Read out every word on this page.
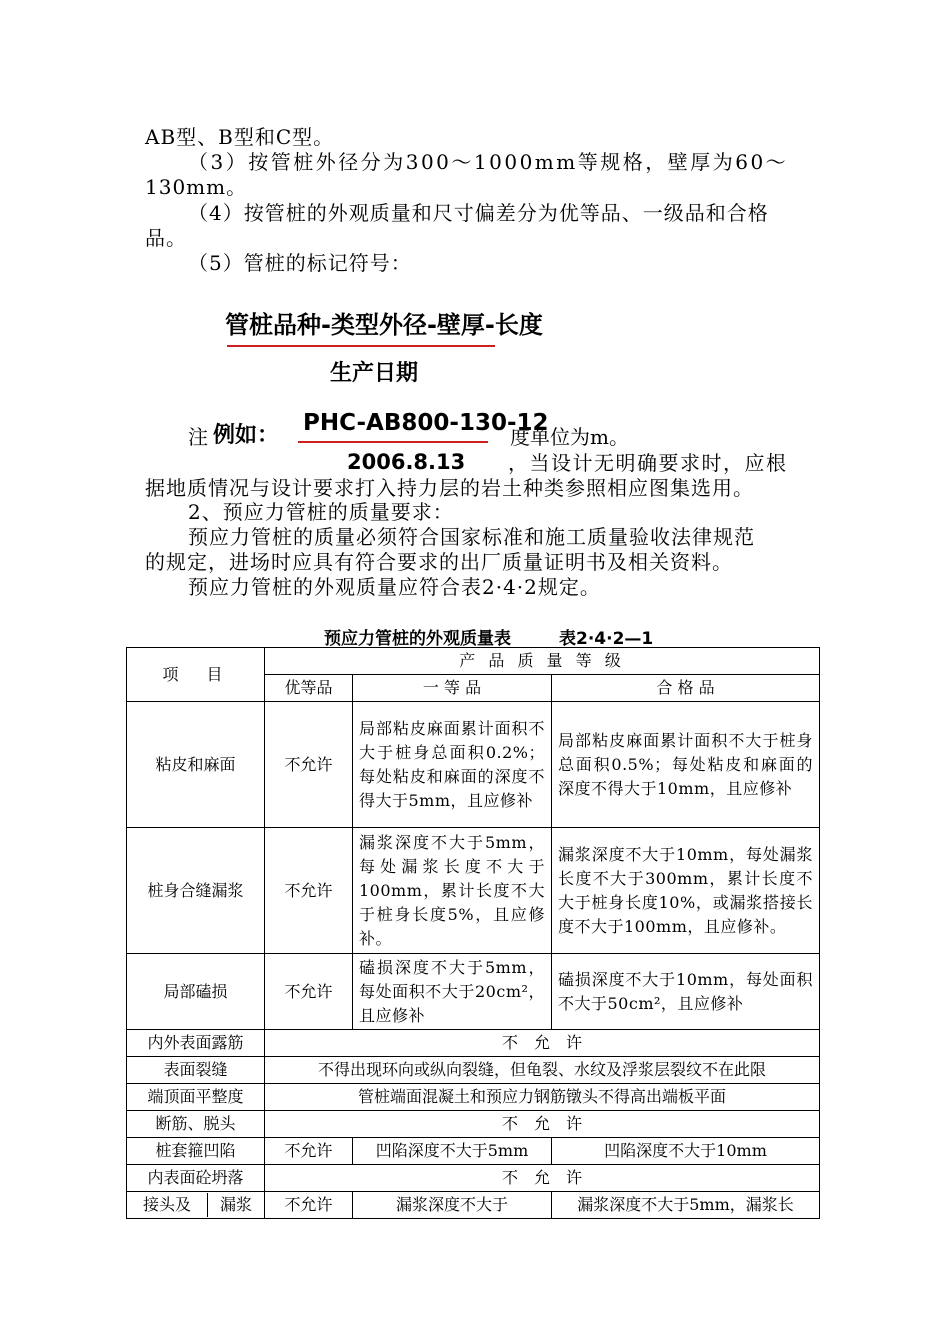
AB型、B型和C型。
（3）按管桩外径分为300～1000mm等规格，壁厚为60～
130mm。
（4）按管桩的外观质量和尺寸偏差分为优等品、一级品和合格
品。
（5）管桩的标记符号：
管桩品种-类型外径-壁厚-长度
生产日期
注	度单位为m。
，当设计无明确要求时，应根
例如： PHC-AB800-130-12
2006.8.13
据地质情况与设计要求打入持力层的岩土种类参照相应图集选用。
2、预应力管桩的质量要求：
预应力管桩的质量必须符合国家标准和施工质量验收法律规范
的规定，进场时应具有符合要求的出厂质量证明书及相关资料。
预应力管桩的外观质量应符合表2·4·2规定。
预应力管桩的外观质量表	表2·4·2—1
项　目	产 品 质 量 等 级		
	优等品	一 等 品	合 格 品
粘皮和麻面	不允许	局部粘皮麻面累计面积不大于桩身总面积0.2%；每处粘皮和麻面的深度不得大于5mm，且应修补	局部粘皮麻面累计面积不大于桩身总面积0.5%；每处粘皮和麻面的深度不得大于10mm，且应修补
桩身合缝漏浆	不允许	漏浆深度不大于5mm，每处漏浆长度不大于100mm，累计长度不大于桩身长度5%，且应修补。	漏浆深度不大于10mm，每处漏浆长度不大于300mm，累计长度不大于桩身长度10%，或漏浆搭接长度不大于100mm，且应修补。
局部磕损	不允许	磕损深度不大于5mm，每处面积不大于20cm²，且应修补	磕损深度不大于10mm，每处面积不大于50cm²，且应修补
内外表面露筋	不　允　许		
表面裂缝	不得出现环向或纵向裂缝，但龟裂、水纹及浮浆层裂纹不在此限		
端顶面平整度	管桩端面混凝土和预应力钢筋镦头不得高出端板平面		
断筋、脱头	不　允　许		
桩套箍凹陷	不允许	凹陷深度不大于5mm	凹陷深度不大于10mm
内表面砼坍落	不　允　许		

接头及 漏浆	不允许	漏浆深度不大于	漏浆深度不大于5mm，漏浆长
